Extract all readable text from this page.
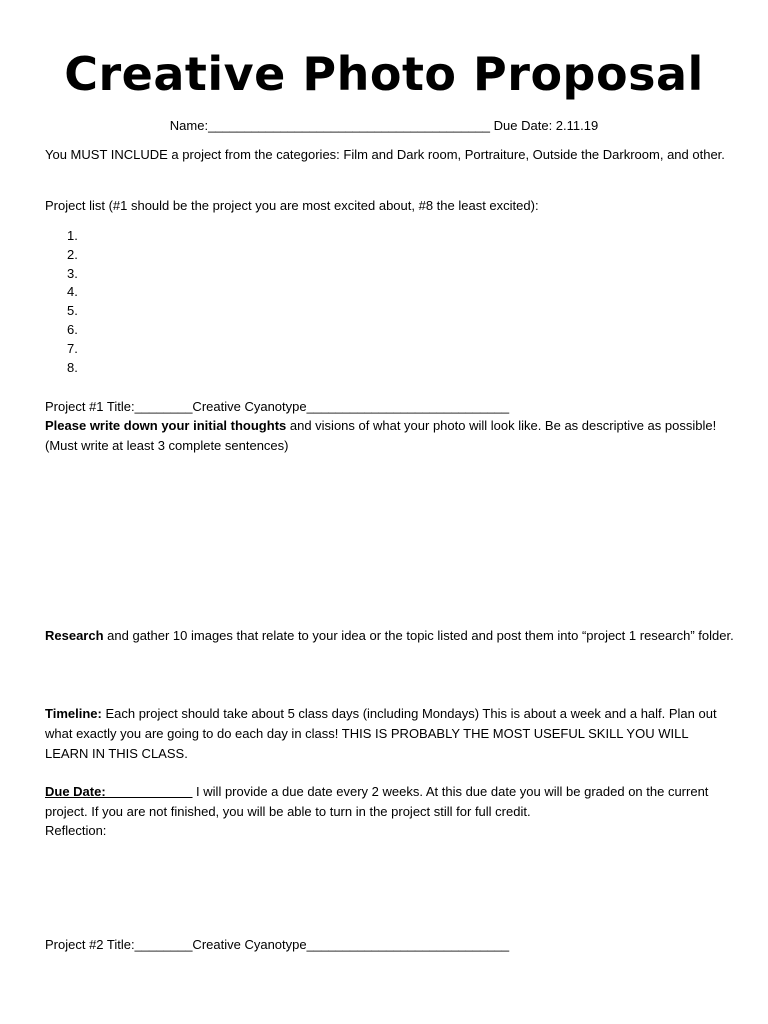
Creative Photo Proposal
Name:_______________________________________ Due Date: 2.11.19

You MUST INCLUDE a project from the categories: Film and Dark room, Portraiture, Outside the Darkroom, and other.

Project list (#1 should be the project you are most excited about, #8 the least excited):

1.
2.
3.
4.
5.
6.
7.
8.

Project #1 Title:________Creative Cyanotype____________________________

Please write down your initial thoughts and visions of what your photo will look like. Be as descriptive as possible! (Must write at least 3 complete sentences)

Research and gather 10 images that relate to your idea or the topic listed and post them into “project 1 research” folder.

Timeline: Each project should take about 5 class days (including Mondays) This is about a week and a half. Plan out what exactly you are going to do each day in class! THIS IS PROBABLY THE MOST USEFUL SKILL YOU WILL LEARN IN THIS CLASS.

Due Date:____________ I will provide a due date every 2 weeks. At this due date you will be graded on the current project. If you are not finished, you will be able to turn in the project still for full credit.

Reflection:

Project #2 Title:________Creative Cyanotype____________________________
